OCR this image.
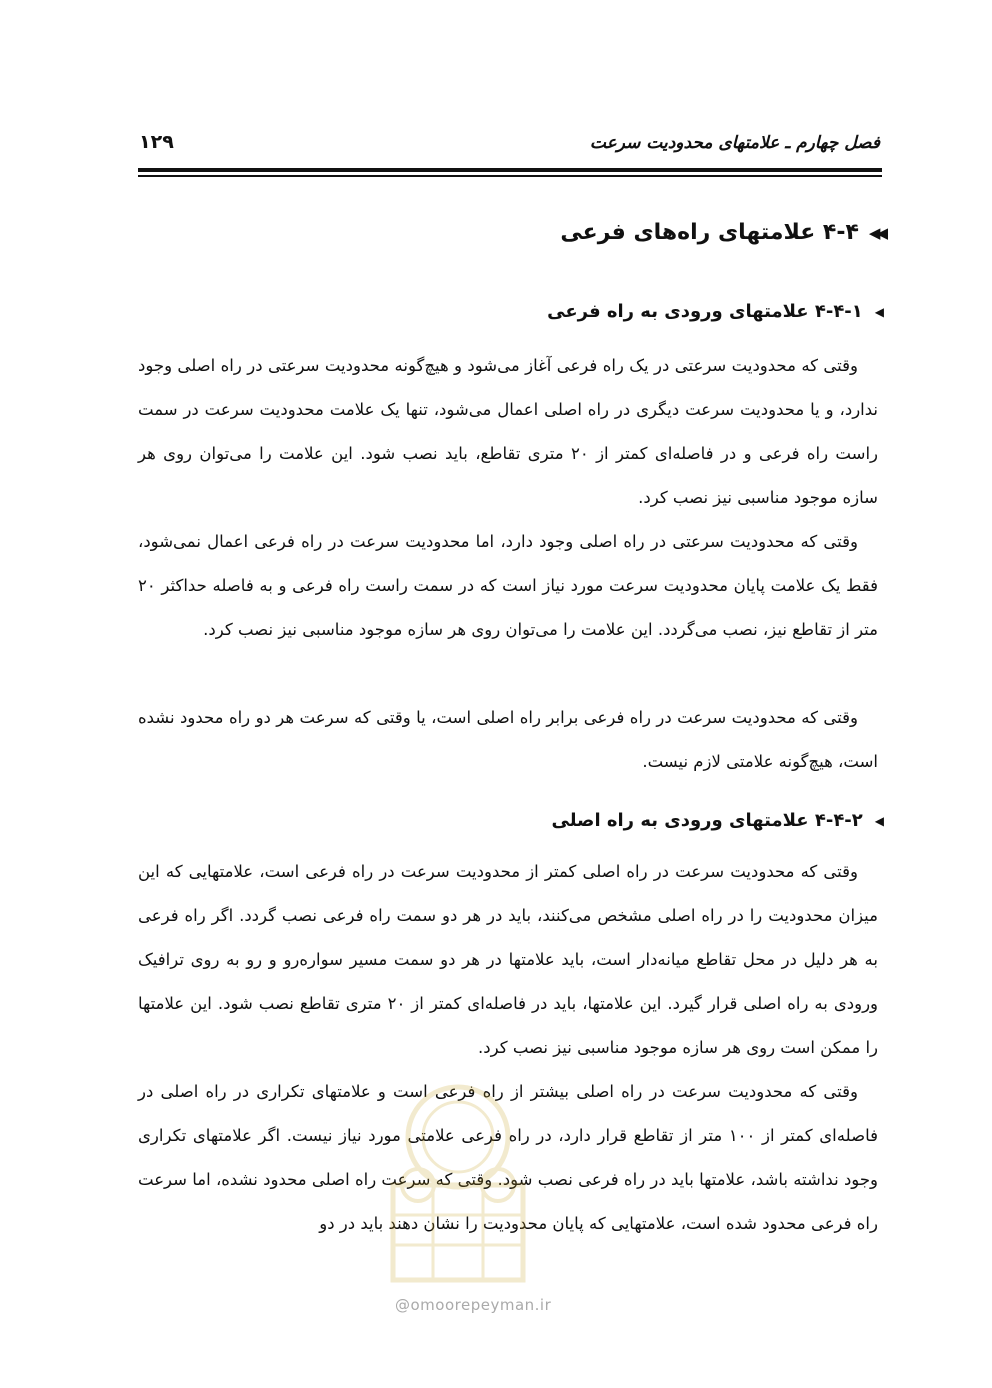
فصل چهارم ـ علامتهای محدودیت سرعت
۱۲۹
◀◀
۴-۴ علامتهای راه‌های فرعی
◀
۴-۴-۱ علامتهای ورودی به راه فرعی
وقتی که محدودیت سرعتی در یک راه فرعی آغاز می‌شود و هیچ‌گونه محدودیت سرعتی در راه اصلی وجود ندارد، و یا محدودیت سرعت دیگری در راه اصلی اعمال می‌شود، تنها یک علامت محدودیت سرعت در سمت راست راه فرعی و در فاصله‌ای کمتر از ۲۰ متری تقاطع، باید نصب شود. این علامت را می‌توان روی هر سازه موجود مناسبی نیز نصب کرد.
وقتی که محدودیت سرعتی در راه اصلی وجود دارد، اما محدودیت سرعت در راه فرعی اعمال نمی‌شود، فقط یک علامت پایان محدودیت سرعت مورد نیاز است که در سمت راست راه فرعی و به فاصله حداکثر ۲۰ متر از تقاطع نیز، نصب می‌گردد. این علامت را می‌توان روی هر سازه موجود مناسبی نیز نصب کرد.
وقتی که محدودیت سرعت در راه فرعی برابر راه اصلی است، یا وقتی که سرعت هر دو راه محدود نشده است، هیچ‌گونه علامتی لازم نیست.
◀
۴-۴-۲ علامتهای ورودی به راه اصلی
وقتی که محدودیت سرعت در راه اصلی کمتر از محدودیت سرعت در راه فرعی است، علامتهایی که این میزان محدودیت را در راه اصلی مشخص می‌کنند، باید در هر دو سمت راه فرعی نصب گردد. اگر راه فرعی به هر دلیل در محل تقاطع میانه‌دار است، باید علامتها در هر دو سمت مسیر سواره‌رو و رو به روی ترافیک ورودی به راه اصلی قرار گیرد. این علامتها، باید در فاصله‌ای کمتر از ۲۰ متری تقاطع نصب شود. این علامتها را ممکن است روی هر سازه موجود مناسبی نیز نصب کرد.
وقتی که محدودیت سرعت در راه اصلی بیشتر از راه فرعی است و علامتهای تکراری در راه اصلی در فاصله‌ای کمتر از ۱۰۰ متر از تقاطع قرار دارد، در راه فرعی علامتی مورد نیاز نیست. اگر علامتهای تکراری وجود نداشته باشد، علامتها باید در راه فرعی نصب شود. وقتی که سرعت راه اصلی محدود نشده، اما سرعت راه فرعی محدود شده است، علامتهایی که پایان محدودیت را نشان دهند باید در دو
@omoorepeyman.ir
